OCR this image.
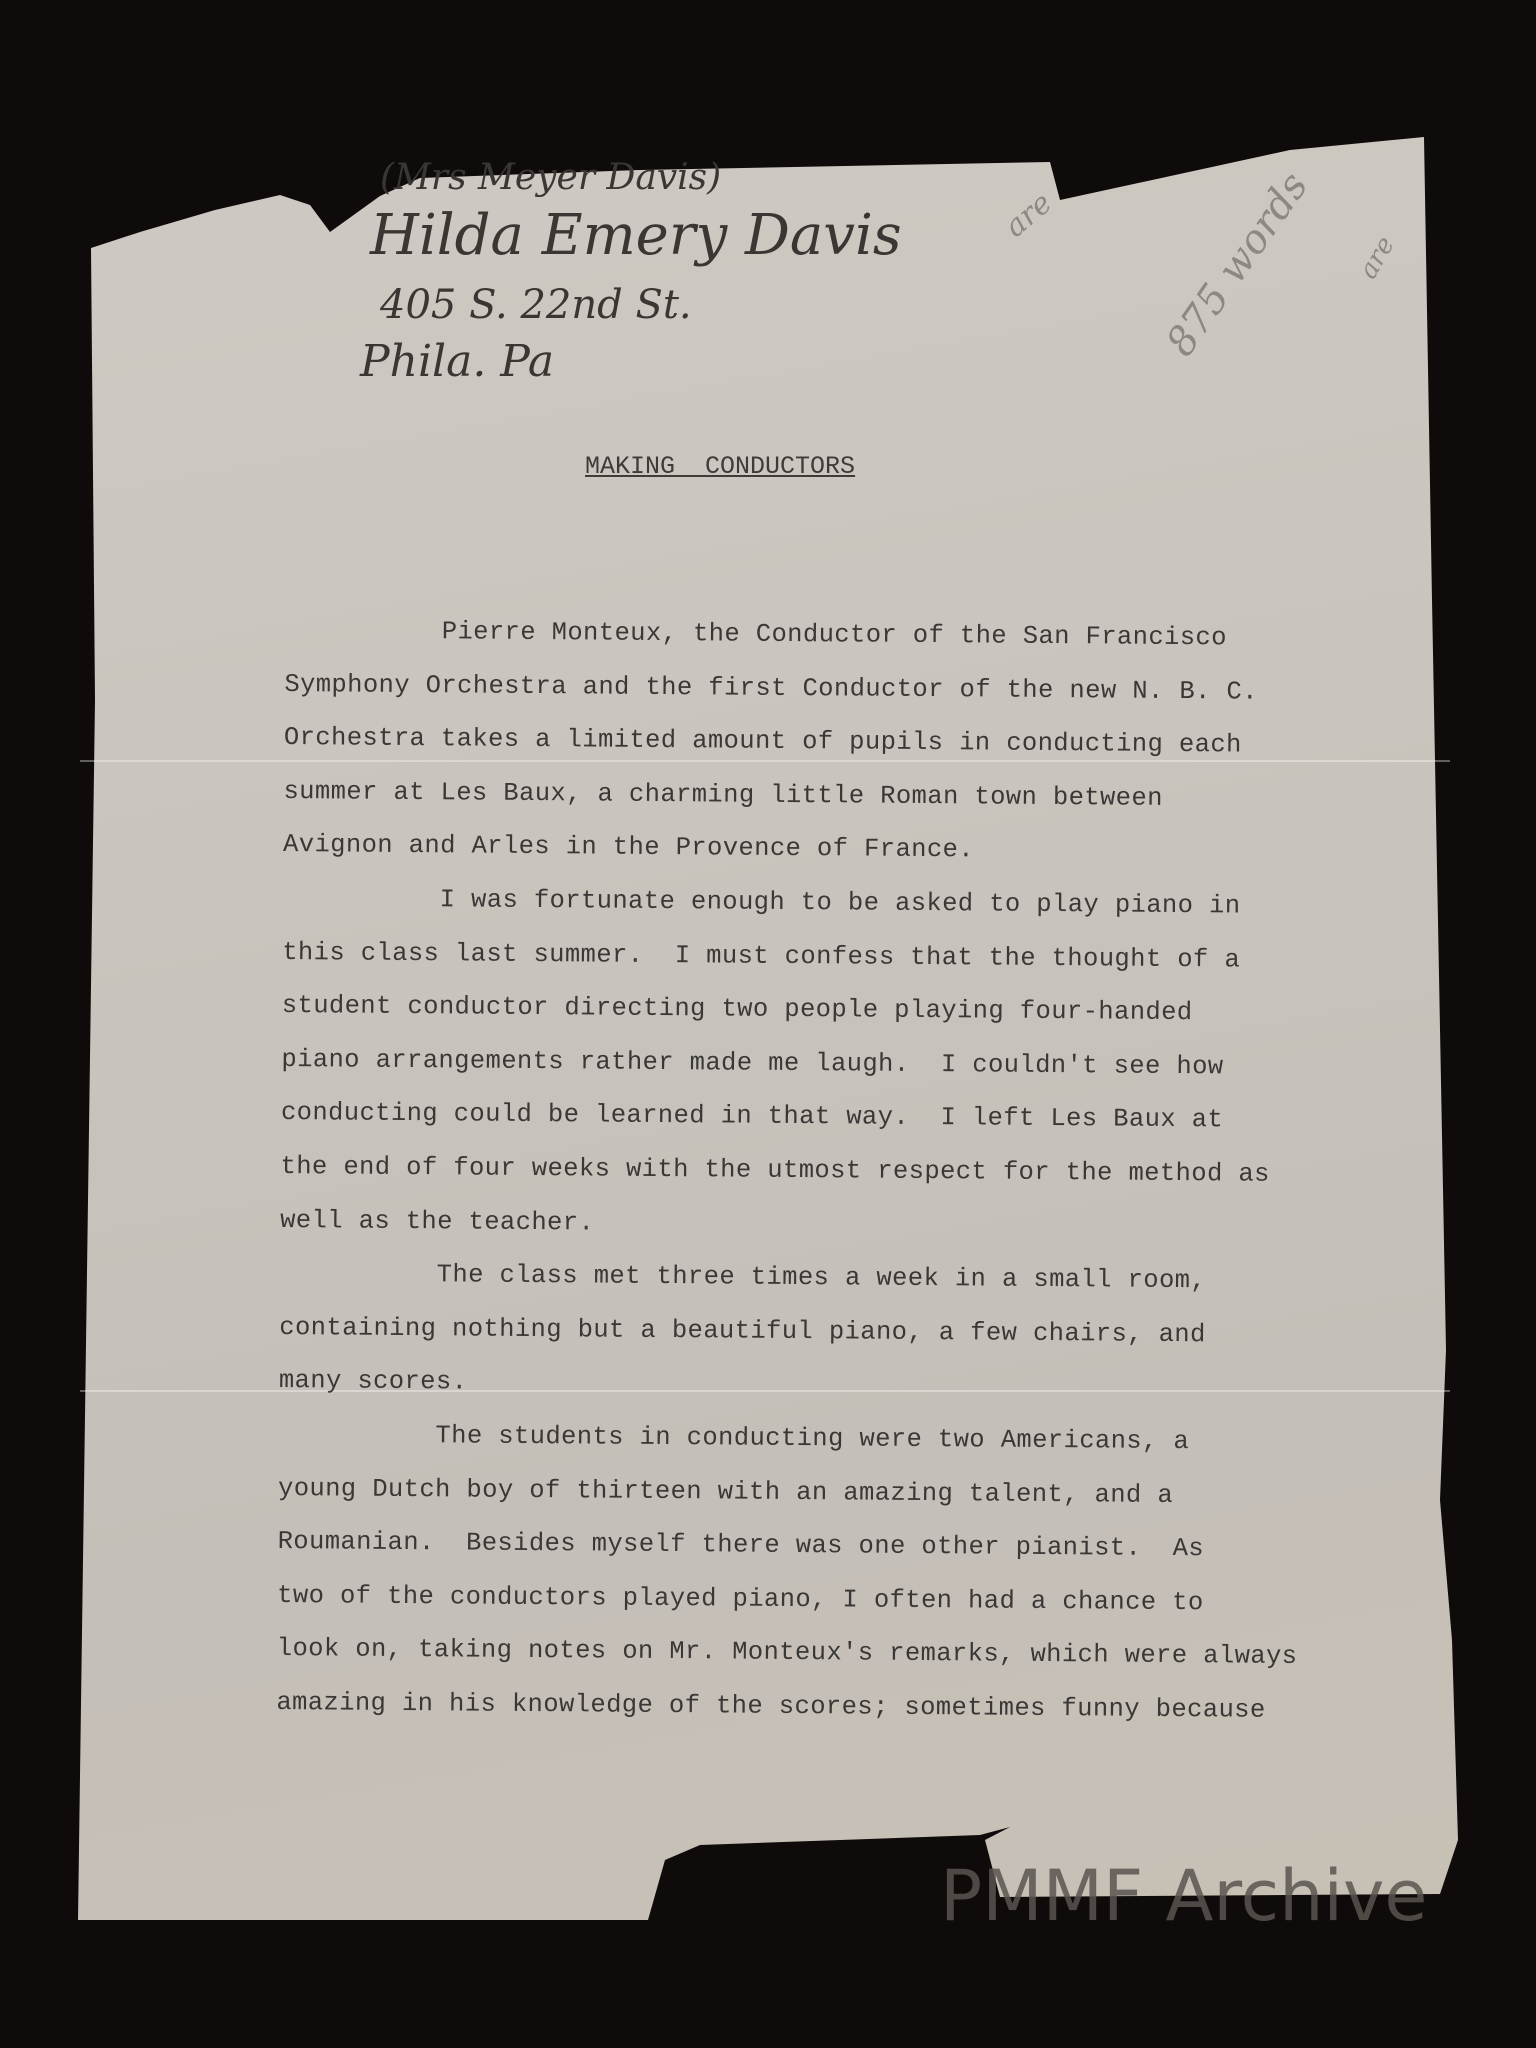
(Mrs Meyer Davis)
Hilda Emery Davis
405 S. 22nd St.
Phila. Pa	875 words
are
are
MAKING  CONDUCTORS
Pierre Monteux, the Conductor of the San Francisco
Symphony Orchestra and the first Conductor of the new N. B. C.
Orchestra takes a limited amount of pupils in conducting each
summer at Les Baux, a charming little Roman town between
Avignon and Arles in the Provence of France.
I was fortunate enough to be asked to play piano in
this class last summer.  I must confess that the thought of a
student conductor directing two people playing four-handed
piano arrangements rather made me laugh.  I couldn't see how
conducting could be learned in that way.  I left Les Baux at
the end of four weeks with the utmost respect for the method as
well as the teacher.
The class met three times a week in a small room,
containing nothing but a beautiful piano, a few chairs, and
many scores.
The students in conducting were two Americans, a
young Dutch boy of thirteen with an amazing talent, and a
Roumanian.  Besides myself there was one other pianist.  As
two of the conductors played piano, I often had a chance to
look on, taking notes on Mr. Monteux's remarks, which were always
amazing in his knowledge of the scores; sometimes funny because
PMMF Archive
